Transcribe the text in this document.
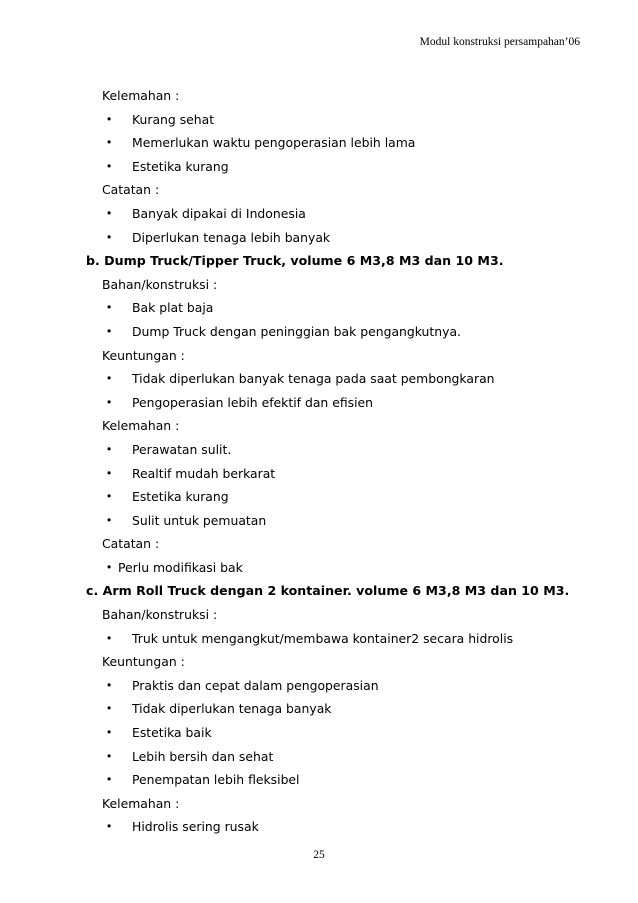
Modul konstruksi persampahan’06

Kelemahan :
• Kurang sehat
• Memerlukan waktu pengoperasian lebih lama
• Estetika kurang
Catatan :
• Banyak dipakai di Indonesia
• Diperlukan tenaga lebih banyak
b. Dump Truck/Tipper Truck, volume 6 M3,8 M3 dan 10 M3.
Bahan/konstruksi :
• Bak plat baja
• Dump Truck dengan peninggian bak pengangkutnya.
Keuntungan :
• Tidak diperlukan banyak tenaga pada saat pembongkaran
• Pengoperasian lebih efektif dan efisien
Kelemahan :
• Perawatan sulit.
• Realtif mudah berkarat
• Estetika kurang
• Sulit untuk pemuatan
Catatan :
• Perlu modifikasi bak
c. Arm Roll Truck dengan 2 kontainer. volume 6 M3,8 M3 dan 10 M3.
Bahan/konstruksi :
• Truk untuk mengangkut/membawa kontainer2 secara hidrolis
Keuntungan :
• Praktis dan cepat dalam pengoperasian
• Tidak diperlukan tenaga banyak
• Estetika baik
• Lebih bersih dan sehat
• Penempatan lebih fleksibel
Kelemahan :
• Hidrolis sering rusak

25
